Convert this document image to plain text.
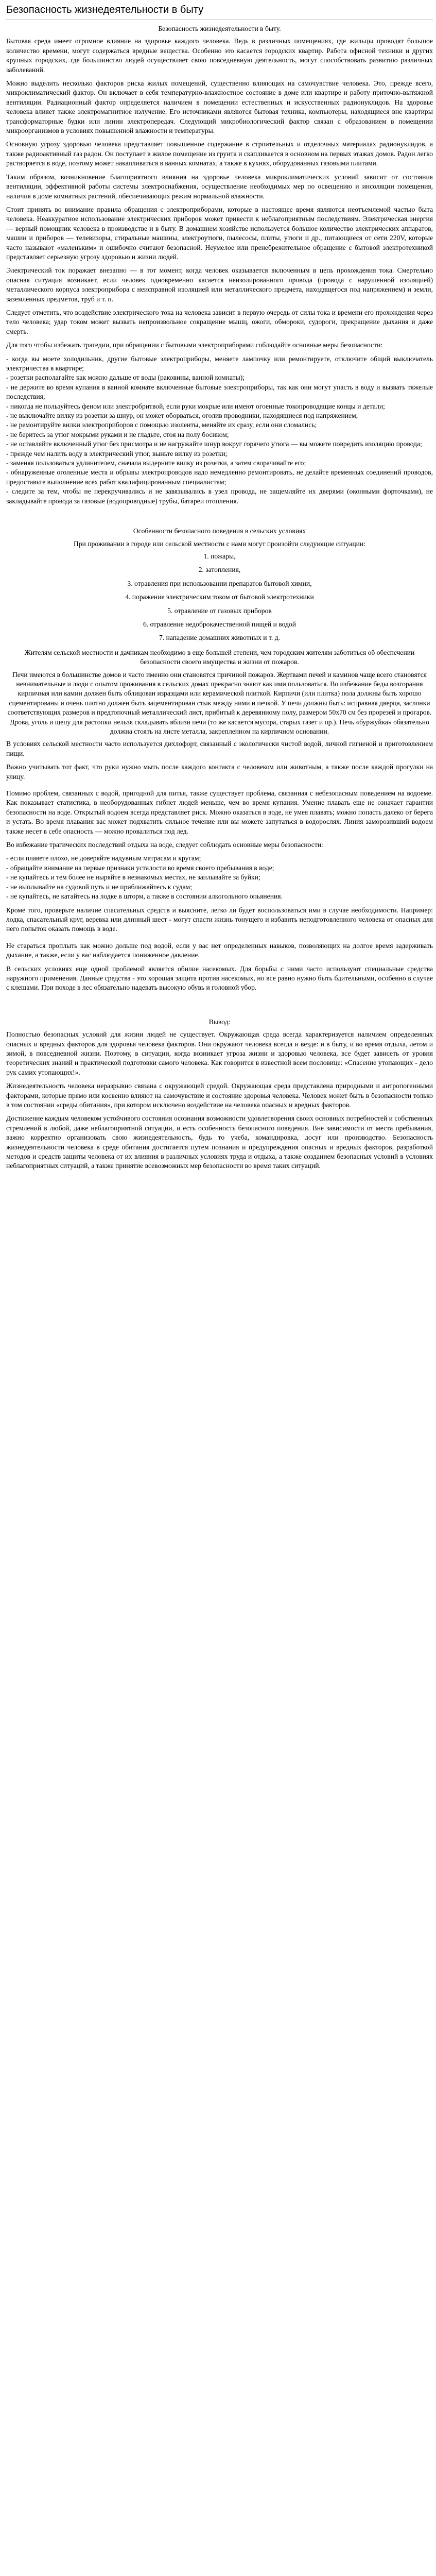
Безопасность жизнедеятельности в быту

Безопасность жизнедеятельности в быту.

Бытовая среда имеет огромное влияние на здоровье каждого человека. Ведь в различных помещениях, где жильцы проводят большое количество времени, могут содержаться вредные вещества. Особенно это касается городских квартир. Работа офисной техники и других крупных городских, где большинство людей осуществляет свою повседневную деятельность, могут способствовать развитию различных заболеваний.

Можно выделить несколько факторов риска жилых помещений, существенно влияющих на самочувствие человека. Это, прежде всего, микроклиматический фактор. Он включает в себя температурно-влажностное состояние в доме или квартире и работу приточно-вытяжной вентиляции. Радиационный фактор определяется наличием в помещении естественных и искусственных радионуклидов. На здоровье человека влияет также электромагнитное излучение. Его источниками являются бытовая техника, компьютеры, находящиеся вне квартиры трансформаторные будки или линии электропередач. Следующий микробиологический фактор связан с образованием в помещении микроорганизмов в условиях повышенной влажности и температуры.

Основную угрозу здоровью человека представляет повышенное содержание в строительных и отделочных материалах радионуклидов, а также радиоактивный газ радон. Он поступает в жилое помещение из грунта и скапливается в основном на первых этажах домов. Радон легко растворяется в воде, поэтому может накапливаться в ванных комнатах, а также в кухнях, оборудованных газовыми плитами.

Таким образом, возникновение благоприятного влияния на здоровье человека микроклиматических условий зависит от состояния вентиляции, эффективной работы системы электроснабжения, осуществление необходимых мер по освещению и инсоляции помещения, наличия в доме комнатных растений, обеспечивающих режим нормальной влажности.

Стоит принять во внимание правила обращения с электроприборами, которые в настоящее время являются неотъемлемой частью быта человека. Неаккуратное использование электрических приборов может привести к неблагоприятным последствиям. Электрическая энергия — верный помощник человека в производстве и в быту. В домашнем хозяйстве используется большое количество электрических аппаратов, машин и приборов — телевизоры, стиральные машины, электроутюги, пылесосы, плиты, утюги и др., питающиеся от сети 220V, которые часто называют «маленьким» и ошибочно считают безопасной. Неумелое или пренебрежительное обращение с бытовой электротехникой представляет серьезную угрозу здоровью и жизни людей.

Электрический ток поражает внезапно — в тот момент, когда человек оказывается включенным в цепь прохождения тока. Смертельно опасная ситуация возникает, если человек одновременно касается неизолированного провода (провода с нарушенной изоляцией) металлического корпуса электроприбора с неисправной изоляцией или металлического предмета, находящегося под напряжением) и земли, заземленных предметов, труб и т. п.

Следует отметить, что воздействие электрического тока на человека зависит в первую очередь от силы тока и времени его прохождения через тело человека; удар током может вызвать непроизвольное сокращение мышц, ожоги, обмороки, судороги, прекращение дыхания и даже смерть.

Для того чтобы избежать трагедии, при обращении с бытовыми электроприборами соблюдайте основные меры безопасности:

- когда вы моете холодильник, другие бытовые электроприборы, меняете лампочку или ремонтируете, отключите общий выключатель электричества в квартире;

- розетки располагайте как можно дальше от воды (раковины, ванной комнаты);

- не держите во время купания в ванной комнате включенные бытовые электроприборы, так как они могут упасть в воду и вызвать тяжелые последствия;

- никогда не пользуйтесь феном или электробритвой, если руки мокрые или имеют огоенные токопроводящие концы и детали;

- не выключайте вилку из розетки за шнур, он может оборваться, оголив проводники, находящиеся под напряжением;

- не ремонтируйте вилки электроприборов с помощью изоленты, меняйте их сразу, если они сломались;

- не беритесь за утюг мокрыми руками и не гладьте, стоя на полу босиком;

- не оставляйте включенный утюг без присмотра и не нагружайте шнур вокруг горячего утюга — вы можете повредить изоляцию провода;

- прежде чем налить воду в электрический утюг, выньте вилку из розетки;

- заменяя пользоваться удлинителем, сначала выдерните вилку из розетки, а затем сворачивайте его;

- обнаруженные оголенные места и обрывы электропроводов надо немедленно ремонтировать, не делайте временных соединений проводов, предоставьте выполнение всех работ квалифицированным специалистам;

- следите за тем, чтобы не перекручивались и не завязывались в узел провода, не защемляйте их дверями (оконными форточками), не закладывайте провода за газовые (водопроводные) трубы, батареи отопления.

Особенности безопасного поведения в сельских условиях

При проживании в городе или сельской местности с нами могут произойти следующие ситуации:

1. пожары,
2. затопления,
3. отравления при использовании препаратов бытовой химии,
4. поражение электрическим током от бытовой электротехники
5. отравление от газовых приборов
6. отравление недоброкачественной пищей и водой
7. нападение домашних животных и т. д.

Жителям сельской местности и дачникам необходимо в еще большей степени, чем городским жителям заботиться об обеспечении безопасности своего имущества и жизни от пожаров.

Печи имеются в большинстве домов и часто именно они становятся причиной пожаров. Жертвами печей и каминов чаще всего становятся невнимательные и люди с опытом проживания в сельских домах прекрасно знают как ими пользоваться. Во избежание беды возгорания кирпичная или камин должен быть облицован изразцами или керамической плиткой. Кирпичи (или плитка) пола должны быть хорошо сцементированы и очень плотно должен быть зацементирован стык между ними и печкой. У печи должны быть: исправная дверца, заслонки соответствующих размеров и предтопочный металлический лист, прибитый к деревянному полу, размером 50х70 см без прорезей и прогаров. Дрова, уголь и щепу для растопки нельзя складывать вблизи печи (то же касается мусора, старых газет и пр.). Печь «буржуйка» обязательно должна стоять на листе металла, закрепленном на кирпичном основании.

В условиях сельской местности часто используется дихлофорт, связанный с экологически чистой водой, личной гигиеной и приготовлением пищи.

Важно учитывать тот факт, что руки нужно мыть после каждого контакта с человеком или животным, а также после каждой прогулки на улицу.

Помимо проблем, связанных с водой, пригодной для питья, также существует проблема, связанная с небезопасным поведением на водоеме. Как показывает статистика, в необорудованных гибнет людей меньше, чем во время купания. Умение плавать еще не означает гарантии безопасности на воде. Открытый водоем всегда представляет риск. Можно оказаться в воде, не умея плавать; можно попасть далеко от берега и устать. Во время плавания вас может подхватить сильное течение или вы можете запутаться в водорослях. Линия заморозивший водоем также несет в себе опасность — можно провалиться под лед.

Во избежание трагических последствий отдыха на воде, следует соблюдать основные меры безопасности:

- если плавете плохо, не доверяйте надувным матрасам и кругам;

- обращайте внимание на первые признаки усталости во время своего пребывания в воде;

- не купайтесь и тем более не ныряйте в незнакомых местах, не заплывайте за буйки;

- не выплывайте на судовой путь и не приближайтесь к судам;

- не купайтесь, не катайтесь на лодке в шторм, а также в состоянии алкогольного опьянения.

Кроме того, проверьте наличие спасательных средств и выясните, легко ли будет воспользоваться ими в случае необходимости. Например: лодка, спасательный круг, веревка или длинный шест - могут спасти жизнь тонущего и избавить неподготовленного человека от опасных для него попыток оказать помощь в воде.

Не стараться проплыть как можно дольше под водой, если у вас нет определенных навыков, позволяющих на долгое время задерживать дыхание, а также, если у вас наблюдается пониженное давление.

В сельских условиях еще одной проблемой является обилие насекомых. Для борьбы с ними часто используют специальные средства наружного применения. Данные средства - это хорошая защита против насекомых, но все равно нужно быть бдительными, особенно в случае с клещами. При походе в лес обязательно надевать высокую обувь и головной убор.

Вывод:

Полностью безопасных условий для жизни людей не существует. Окружающая среда всегда характеризуется наличием определенных опасных и вредных факторов для здоровья человека факторов. Они окружают человека всегда и везде: и в быту, и во время отдыха, летом и зимой, в повседневной жизни. Поэтому, в ситуации, когда возникает угроза жизни и здоровью человека, все будет зависеть от уровня теоретических знаний и практической подготовки самого человека. Как говорится в известной всем пословице: «Спасение утопающих - дело рук самих утопающих!».

Жизнедеятельность человека неразрывно связана с окружающей средой. Окружающая среда представлена природными и антропогенными факторами, которые прямо или косвенно влияют на самочувствие и состояние здоровья человека. Человек может быть в безопасности только в том состоянии «среды обитания», при котором исключено воздействие на человека опасных и вредных факторов.

Достижение каждым человеком устойчивого состояния осознания возможности удовлетворения своих основных потребностей и собственных стремлений в любой, даже неблагоприятной ситуации, и есть особенность безопасного поведения. Вне зависимости от места пребывания, важно корректно организовать свою жизнедеятельность, будь то учеба, командировка, досуг или производство. Безопасность жизнедеятельности человека в среде обитания достигается путем познания и предупреждения опасных и вредных факторов, разработкой методов и средств защиты человека от их влияния в различных условиях труда и отдыха, а также созданием безопасных условий в условиях неблагоприятных ситуаций, а также принятие всевозможных мер безопасности во время таких ситуаций.
